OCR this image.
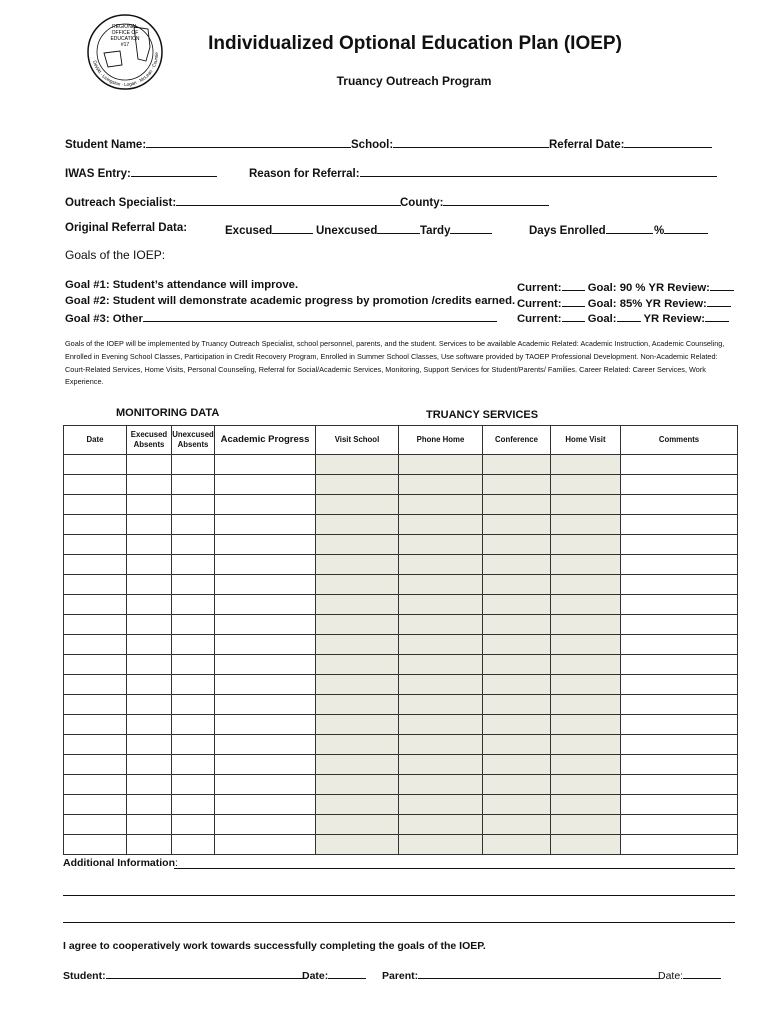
REGIONAL
OFFICE OF
EDUCATION
#17
DeWitt · Livingston · Logan · McLean · Countie	Individualized Optional Education Plan (IOEP)
Truancy Outreach Program
Student Name:	School:	Referral Date:
IWAS Entry:	Reason for Referral:
Outreach Specialist:	County:
Original Referral Data:	Excused	Unexcused	Tardy	Days Enrolled	%
Goals of the IOEP:
Goal #1: Student’s attendance will improve.
Goal #2: Student will demonstrate academic progress by promotion /credits earned.
Goal #3: Other
Current: Goal: 90 % YR Review:
Current: Goal: 85% YR Review:
Current: Goal: YR Review:
Goals of the IOEP will be implemented by Truancy Outreach Specialist, school personnel, parents, and the student. Services to be available Academic Related: Academic Instruction, Academic Counseling, Enrolled in Evening School Classes, Participation in Credit Recovery Program, Enrolled in Summer School Classes, Use software provided by TAOEP Professional Development. Non-Academic Related: Court-Related Services, Home Visits, Personal Counseling, Referral for Social/Academic Services, Monitoring, Support Services for Student/Parents/ Families. Career Related: Career Services, Work Experience.
MONITORING DATA	TRUANCY SERVICES
Date	Execused Absents	Unexcused Absents	Academic Progress	Visit School	Phone Home	Conference	Home Visit	Comments

Additional Information:
I agree to cooperatively work towards successfully completing the goals of the IOEP.
Student:	Date:	Parent:	Date:
